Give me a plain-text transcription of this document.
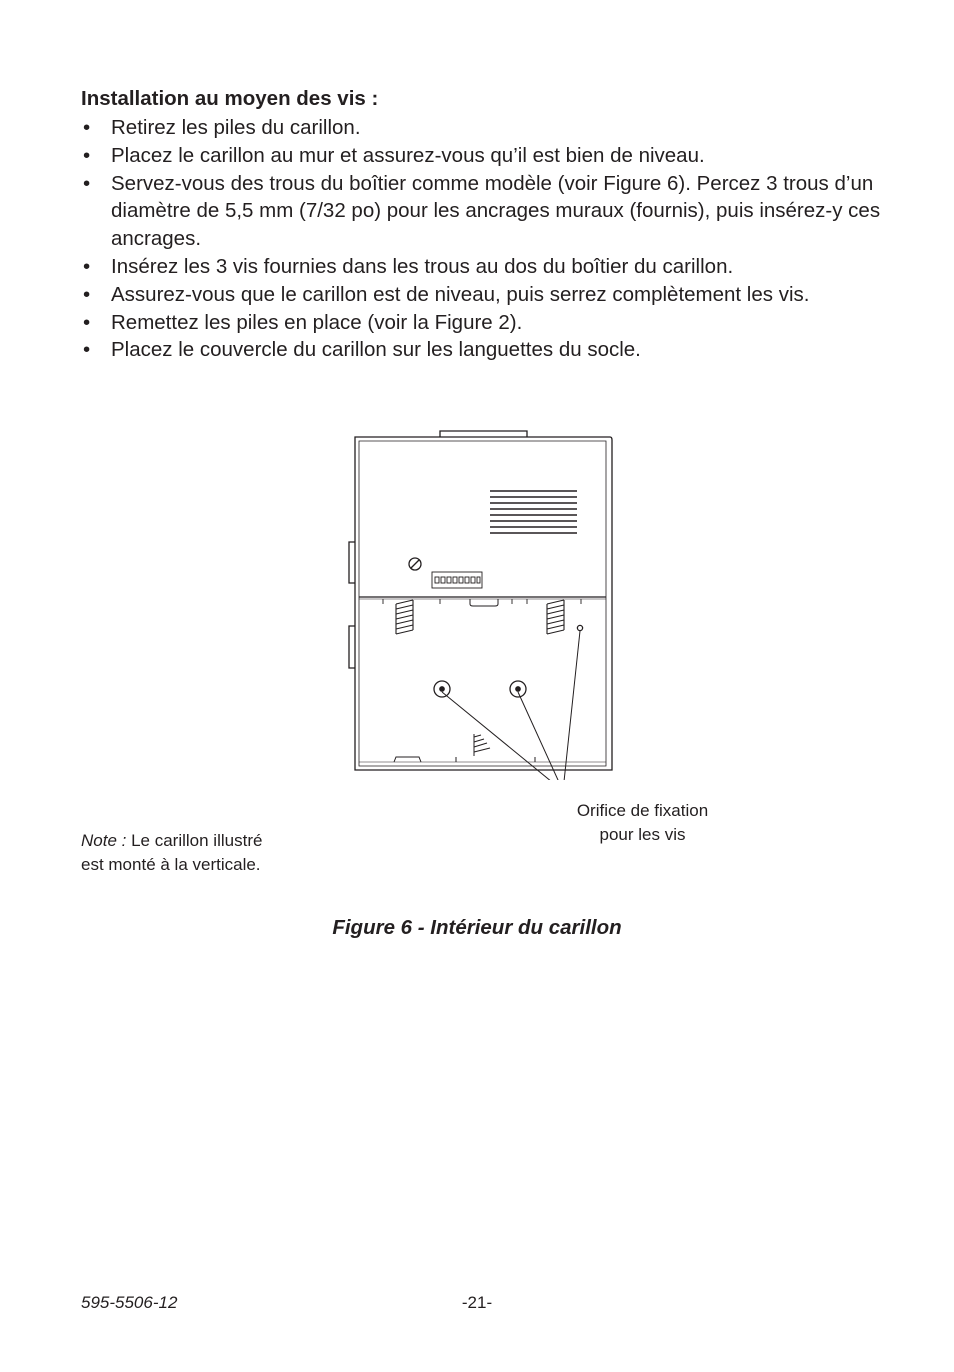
Installation au moyen des vis :
• Retirez les piles du carillon.
• Placez le carillon au mur et assurez-vous qu’il est bien de niveau.
• Servez-vous des trous du boîtier comme modèle (voir Figure 6). Percez 3 trous d’un diamètre de 5,5 mm (7/32 po) pour les ancrages muraux (fournis), puis insérez-y ces ancrages.
• Insérez les 3 vis fournies dans les trous au dos du boîtier du carillon.
• Assurez-vous que le carillon est de niveau, puis serrez complètement les vis.
• Remettez les piles en place (voir la Figure 2).
• Placez le couvercle du carillon sur les languettes du socle.
Orifice de fixation
pour les vis
Note : Le carillon illustré
est monté à la verticale.
Figure 6 - Intérieur du carillon
595-5506-12	-21-
